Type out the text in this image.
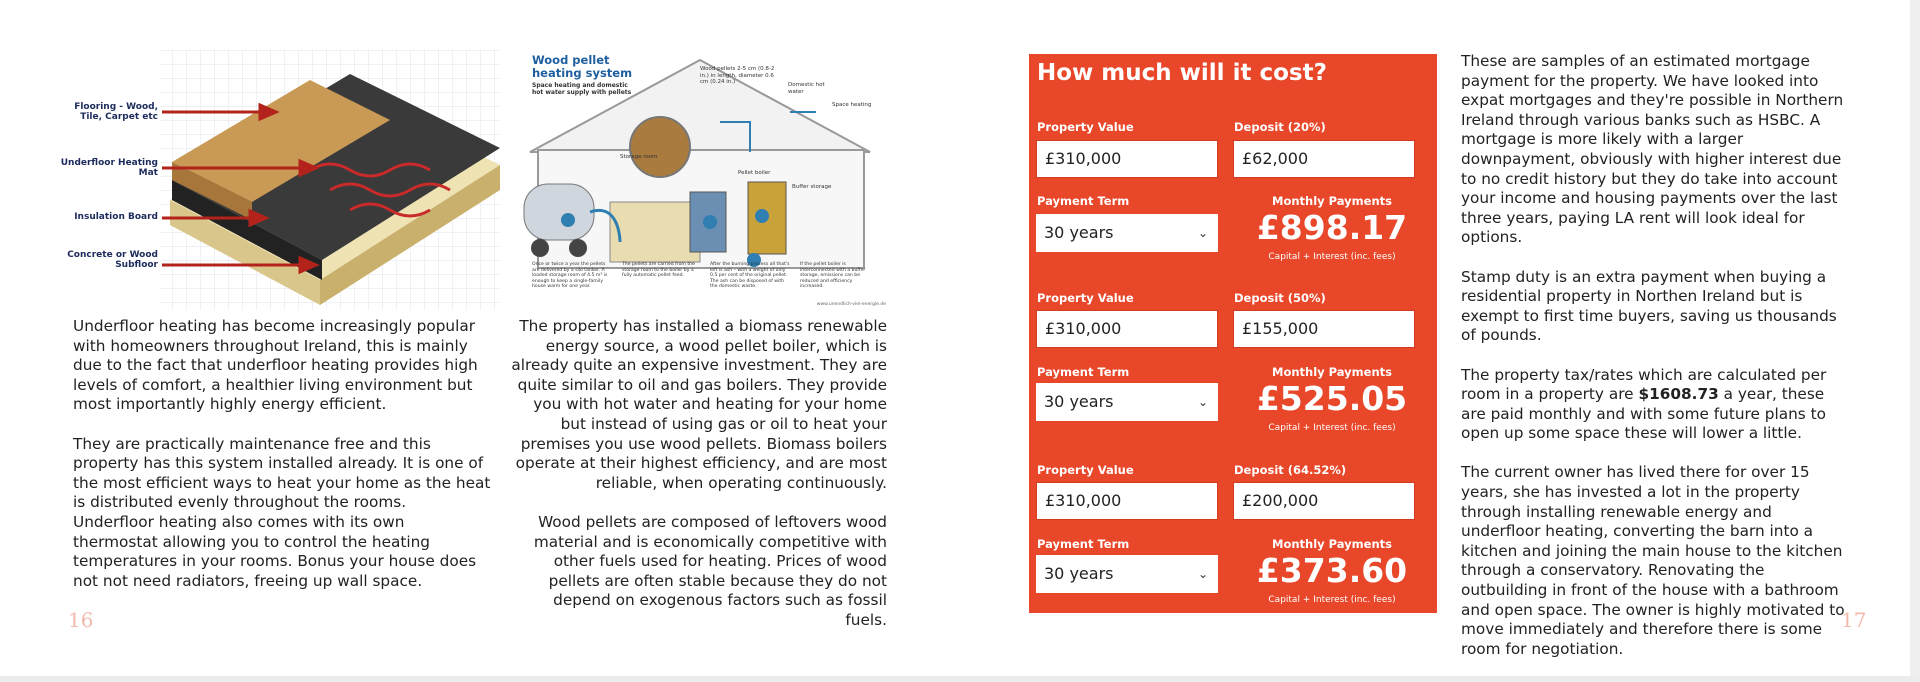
Flooring - Wood, Tile, Carpet etc
Underfloor Heating Mat
Insulation Board
Concrete or Wood Subfloor
Wood pellet heating system
Space heating and domestic hot water supply with pellets
Wood pellets 2-5 cm (0.8-2 in.) in length, diameter 0.6 cm (0.24 in.)	Domestic hot water
Space heating
Storage room
Pellet boiler
Buffer storage
Once or twice a year the pellets are delivered by a silo tanker. A loaded storage room of 4.5 m³ is enough to keep a single-family house warm for one year.
The pellets are carried from the storage room to the boiler by a fully automatic pellet feed.
After the burning process all that's left is ash – with a weight of only 0.5 per cent of the original pellet. The ash can be disposed of with the domestic waste.
If the pellet boiler is interconnected with a buffer storage, emissions can be reduced and efficiency increased.
www.unendlich-viel-energie.de

Underfloor heating has become increasingly popular with homeowners throughout Ireland, this is mainly due to the fact that underfloor heating provides high levels of comfort, a healthier living environment but most importantly highly energy efficient.

They are practically maintenance free and this property has this system installed already. It is one of the most efficient ways to heat your home as the heat is distributed evenly throughout the rooms. Underfloor heating also comes with its own thermostat allowing you to control the heating temperatures in your rooms. Bonus your house does not not need radiators, freeing up wall space.

The property has installed a biomass renewable energy source, a wood pellet boiler, which is already quite an expensive investment. They are quite similar to oil and gas boilers. They provide you with hot water and heating for your home but instead of using gas or oil to heat your premises you use wood pellets. Biomass boilers operate at their highest efficiency, and are most reliable, when operating continuously.

Wood pellets are composed of leftovers wood material and is economically competitive with other fuels used for heating. Prices of wood pellets are often stable because they do not depend on exogenous factors such as fossil fuels.

16
How much will it cost?
Property Value	Deposit (20%)
£310,000	£62,000
Payment Term
30 years	⌄
Monthly Payments
£898.17
Capital + Interest (inc. fees)
Property Value	Deposit (50%)
£310,000	£155,000
Payment Term
30 years	⌄
Monthly Payments
£525.05
Capital + Interest (inc. fees)
Property Value	Deposit (64.52%)
£310,000	£200,000
Payment Term
30 years	⌄
Monthly Payments
£373.60
Capital + Interest (inc. fees)

These are samples of an estimated mortgage payment for the property. We have looked into expat mortgages and they're possible in Northern Ireland through various banks such as HSBC. A mortgage is more likely with a larger downpayment, obviously with higher interest due to no credit history but they do take into account your income and housing payments over the last three years, paying LA rent will look ideal for options.

Stamp duty is an extra payment when buying a residential property in Northen Ireland but is exempt to first time buyers, saving us thousands of pounds.

The property tax/rates which are calculated per room in a property are $1608.73 a year, these are paid monthly and with some future plans to open up some space these will lower a little.

The current owner has lived there for over 15 years, she has invested a lot in the property through installing renewable energy and underfloor heating, converting the barn into a kitchen and joining the main house to the kitchen through a conservatory. Renovating the outbuilding in front of the house with a bathroom and open space. The owner is highly motivated to move immediately and therefore there is some room for negotiation.

17
